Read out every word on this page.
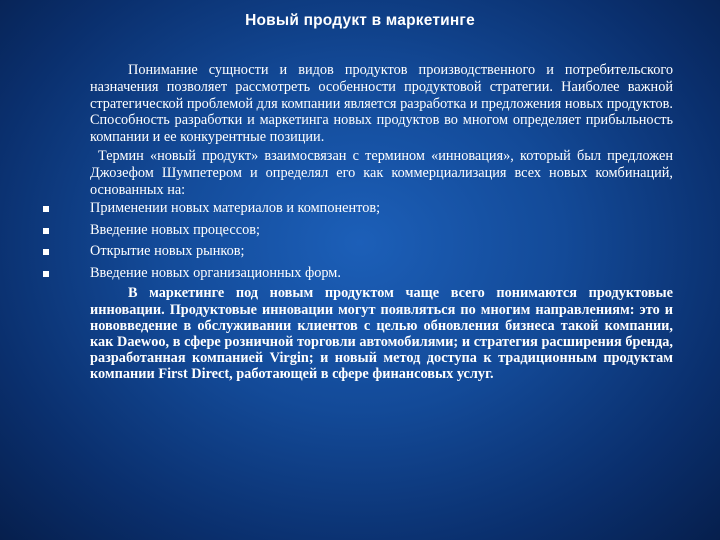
Новый продукт в маркетинге

Понимание сущности и видов продуктов производственного и потребительского назначения позволяет рассмотреть особенности продуктовой стратегии. Наиболее важной стратегической проблемой для компании является разработка и предложения новых продуктов. Способность разработки и маркетинга новых продуктов во многом определяет прибыльность компании и ее конкурентные позиции.

Термин «новый продукт» взаимосвязан с термином «инновация», который был предложен Джозефом Шумпетером и определял его как коммерциализация всех новых комбинаций, основанных на:

Применении новых материалов и компонентов;
Введение новых процессов;
Открытие новых рынков;
Введение новых организационных форм.

В маркетинге под новым продуктом чаще всего понимаются продуктовые инновации. Продуктовые инновации могут появляться по многим направлениям: это и нововведение в обслуживании клиентов с целью обновления бизнеса такой компании, как Daewoo, в сфере розничной торговли автомобилями; и стратегия расширения бренда, разработанная компанией Virgin; и новый метод доступа к традиционным продуктам компании First Direct, работающей в сфере финансовых услуг.
